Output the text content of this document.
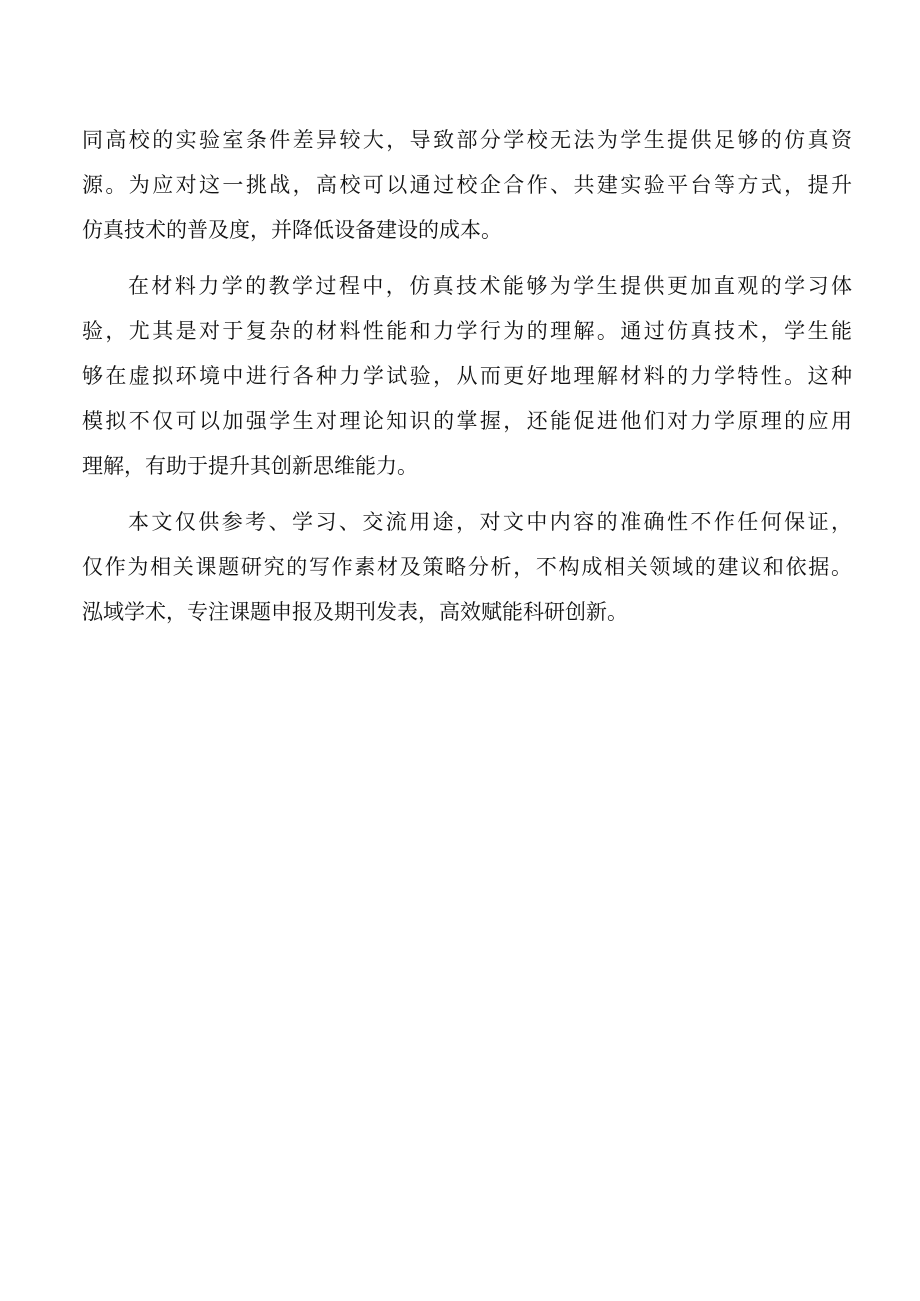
同高校的实验室条件差异较大，导致部分学校无法为学生提供足够的仿真资
源。为应对这一挑战，高校可以通过校企合作、共建实验平台等方式，提升
仿真技术的普及度，并降低设备建设的成本。
在材料力学的教学过程中，仿真技术能够为学生提供更加直观的学习体
验，尤其是对于复杂的材料性能和力学行为的理解。通过仿真技术，学生能
够在虚拟环境中进行各种力学试验，从而更好地理解材料的力学特性。这种
模拟不仅可以加强学生对理论知识的掌握，还能促进他们对力学原理的应用
理解，有助于提升其创新思维能力。
本文仅供参考、学习、交流用途，对文中内容的准确性不作任何保证，
仅作为相关课题研究的写作素材及策略分析，不构成相关领域的建议和依据。
泓域学术，专注课题申报及期刊发表，高效赋能科研创新。
